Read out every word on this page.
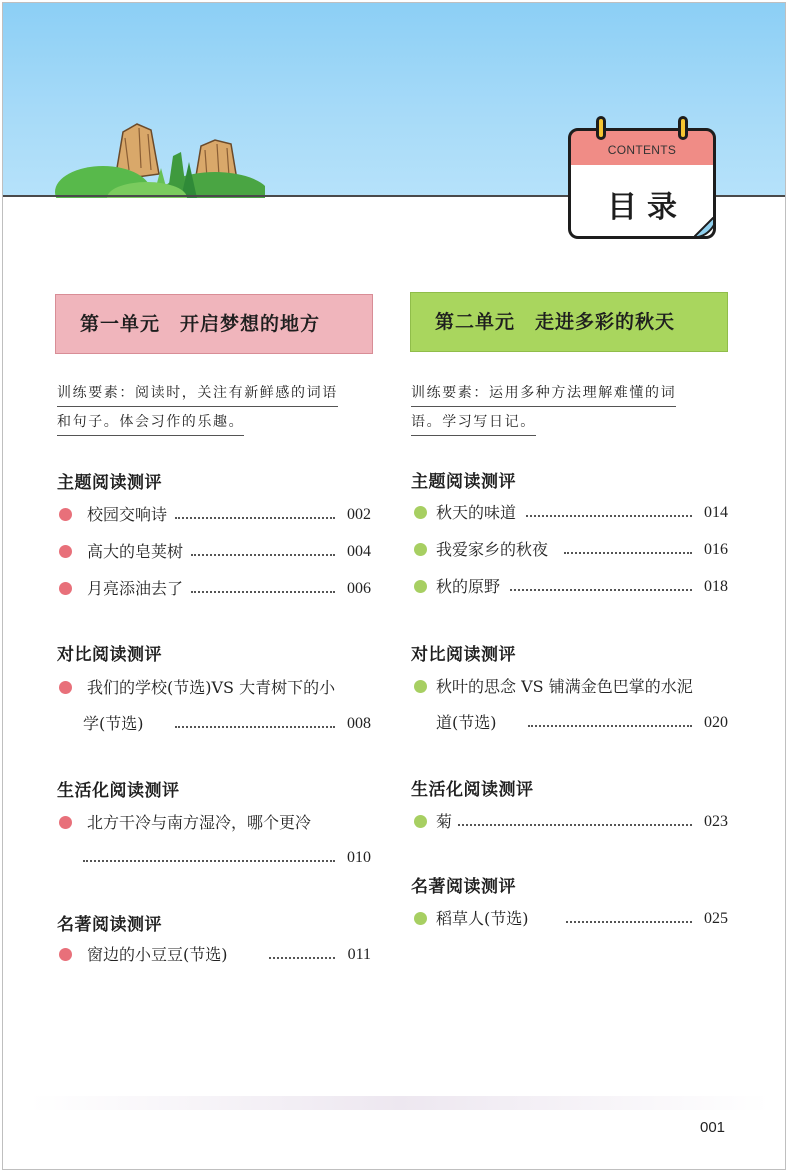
CONTENTS
目录
第一单元 开启梦想的地方
训练要素：阅读时，关注有新鲜感的词语
和句子。体会习作的乐趣。
主题阅读测评
校园交响诗	002
高大的皂荚树	004
月亮添油去了	006
对比阅读测评
我们的学校(节选)VS 大青树下的小
学(节选)	008
生活化阅读测评
北方干冷与南方湿冷，哪个更冷
010
名著阅读测评
窗边的小豆豆(节选)	011
第二单元 走进多彩的秋天
训练要素：运用多种方法理解难懂的词
语。学习写日记。
主题阅读测评
秋天的味道	014
我爱家乡的秋夜	016
秋的原野	018
对比阅读测评
秋叶的思念 VS 铺满金色巴掌的水泥
道(节选)	020
生活化阅读测评
菊	023
名著阅读测评
稻草人(节选)	025
001
